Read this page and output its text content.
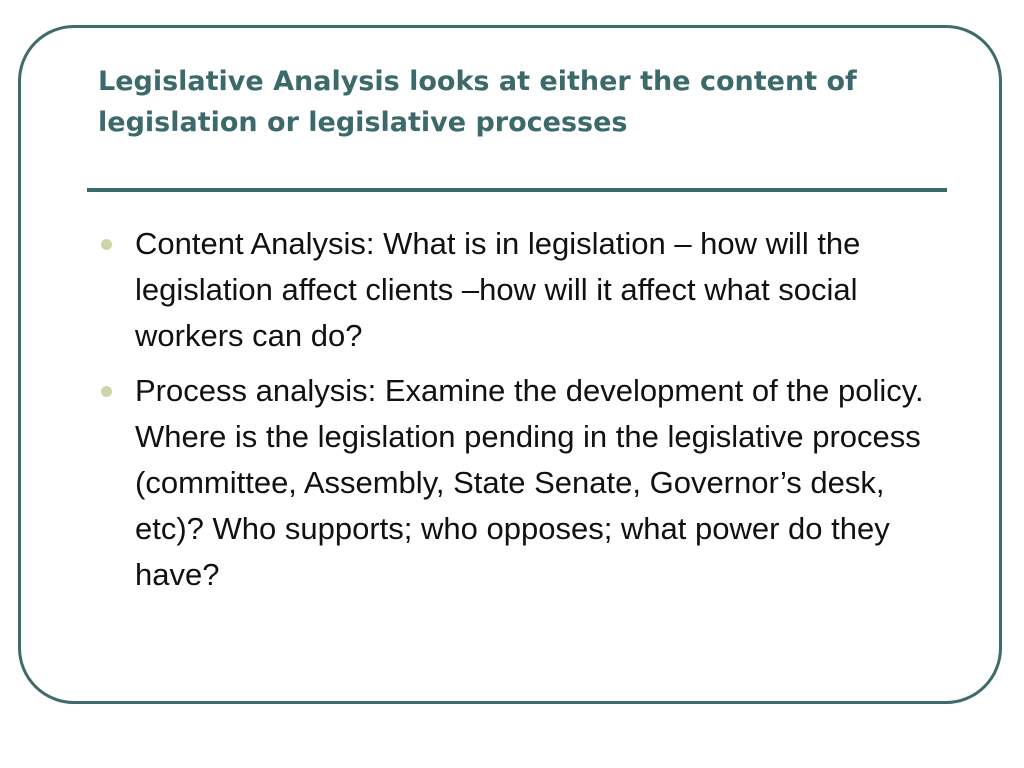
Legislative Analysis looks at either the content of legislation or legislative processes
Content Analysis: What is in legislation – how will the legislation affect clients –how will it affect what social workers can do?
Process analysis: Examine the development of the policy. Where is the legislation pending in the legislative process (committee, Assembly, State Senate, Governor’s desk, etc)? Who supports; who opposes; what power do they have?
